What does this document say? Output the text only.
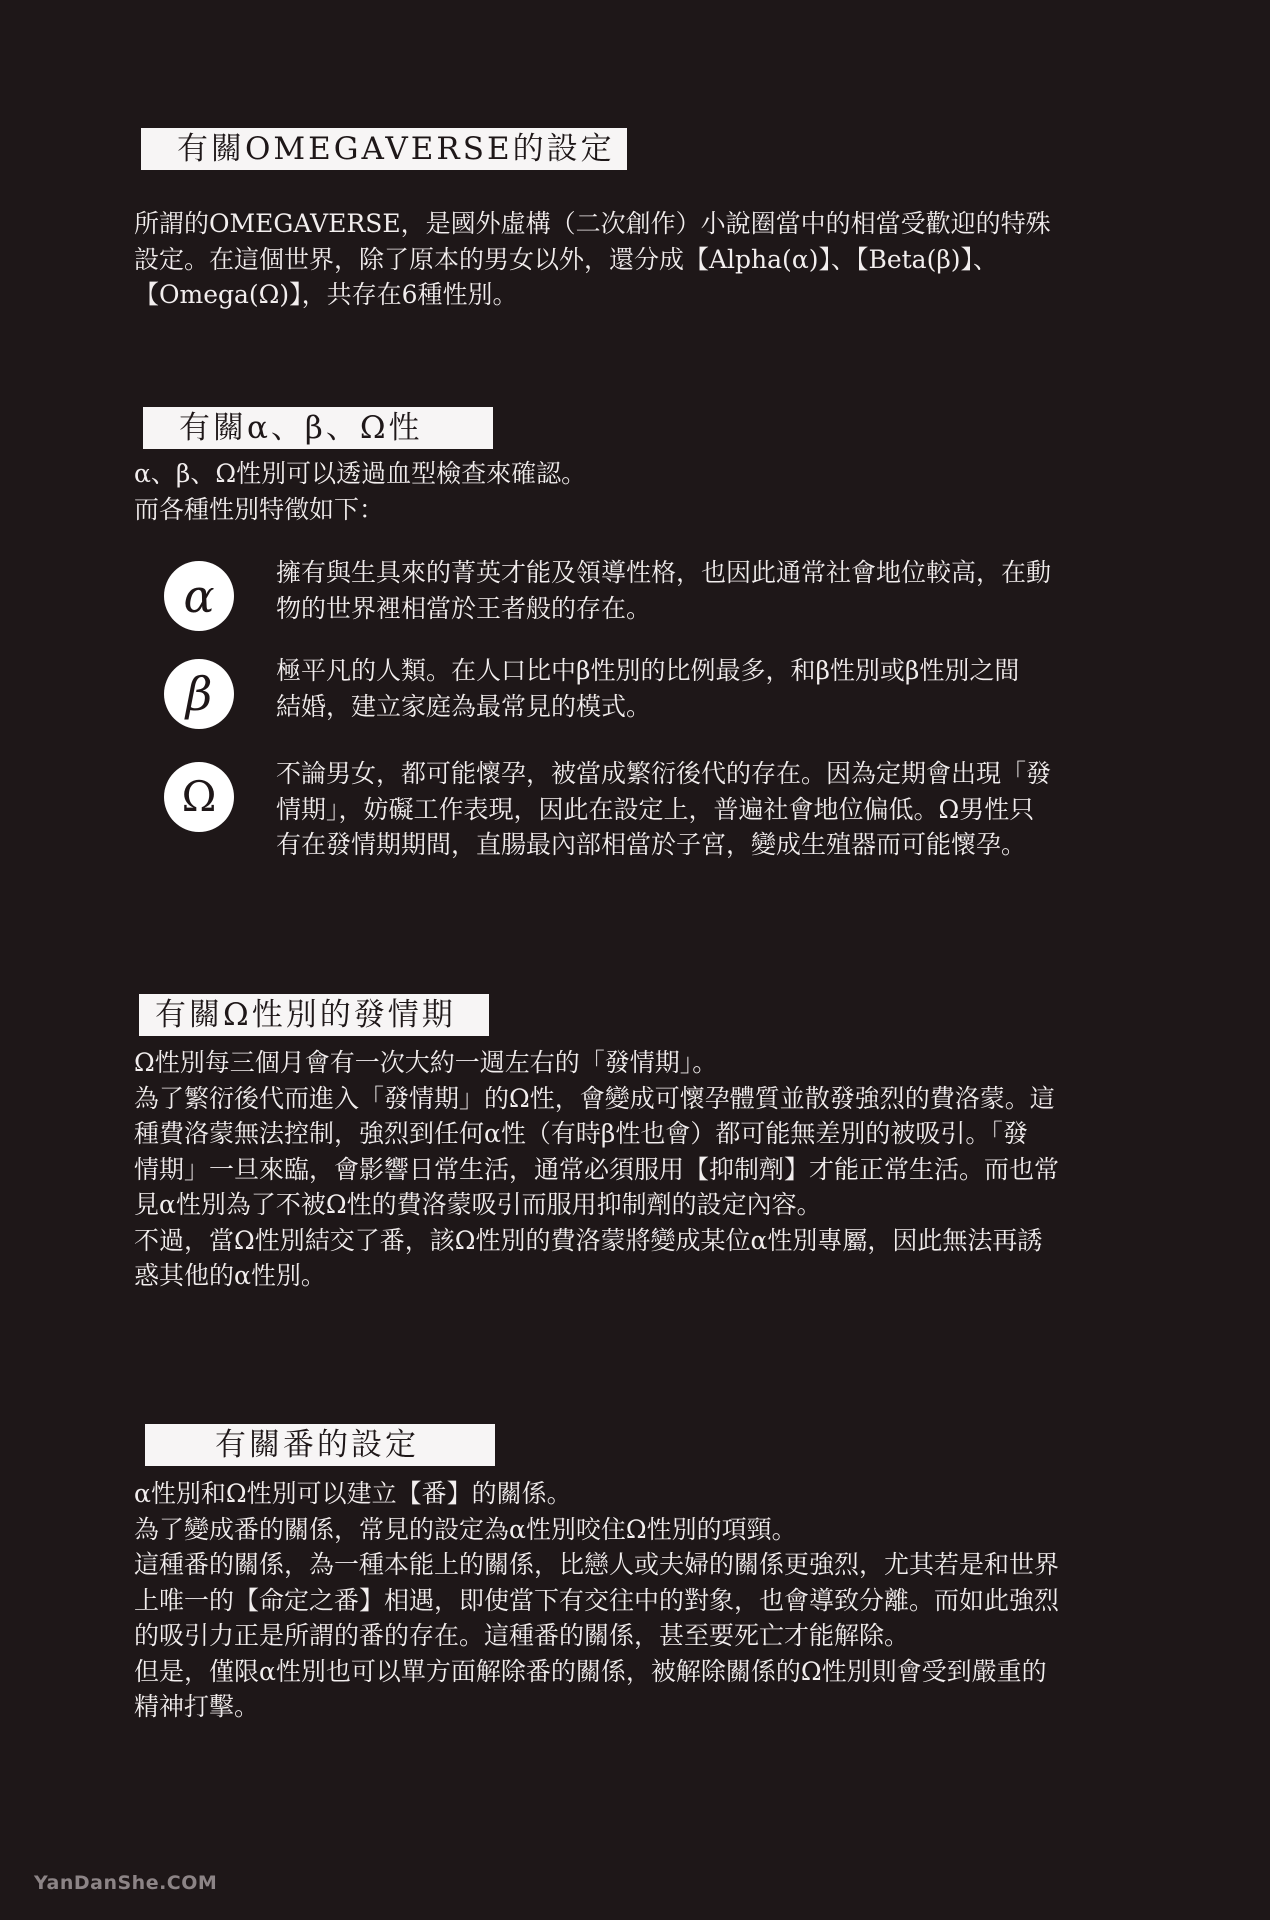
有關OMEGAVERSE的設定

所謂的OMEGAVERSE，是國外虛構（二次創作）小說圈當中的相當受歡迎的特殊

設定。在這個世界，除了原本的男女以外，還分成【Alpha(α)】、【Beta(β)】、

【Omega(Ω)】，共存在6種性別。

有關α、β、Ω性

α、β、Ω性別可以透過血型檢查來確認。

而各種性別特徵如下：

α	擁有與生具來的菁英才能及領導性格，也因此通常社會地位較高，在動
物的世界裡相當於王者般的存在。
β	極平凡的人類。在人口比中β性別的比例最多，和β性別或β性別之間
結婚，建立家庭為最常見的模式。
Ω	不論男女，都可能懷孕，被當成繁衍後代的存在。因為定期會出現「發
情期」，妨礙工作表現，因此在設定上，普遍社會地位偏低。Ω男性只
有在發情期期間，直腸最內部相當於子宮，變成生殖器而可能懷孕。
有關Ω性別的發情期

Ω性別每三個月會有一次大約一週左右的「發情期」。

為了繁衍後代而進入「發情期」的Ω性，會變成可懷孕體質並散發強烈的費洛蒙。這

種費洛蒙無法控制，強烈到任何α性（有時β性也會）都可能無差別的被吸引。「發

情期」一旦來臨，會影響日常生活，通常必須服用【抑制劑】才能正常生活。而也常

見α性別為了不被Ω性的費洛蒙吸引而服用抑制劑的設定內容。

不過，當Ω性別結交了番，該Ω性別的費洛蒙將變成某位α性別專屬，因此無法再誘

惑其他的α性別。

有關番的設定

α性別和Ω性別可以建立【番】的關係。

為了變成番的關係，常見的設定為α性別咬住Ω性別的項頸。

這種番的關係，為一種本能上的關係，比戀人或夫婦的關係更強烈，尤其若是和世界

上唯一的【命定之番】相遇，即使當下有交往中的對象，也會導致分離。而如此強烈

的吸引力正是所謂的番的存在。這種番的關係，甚至要死亡才能解除。

但是，僅限α性別也可以單方面解除番的關係，被解除關係的Ω性別則會受到嚴重的

精神打擊。

YanDanShe.COM
